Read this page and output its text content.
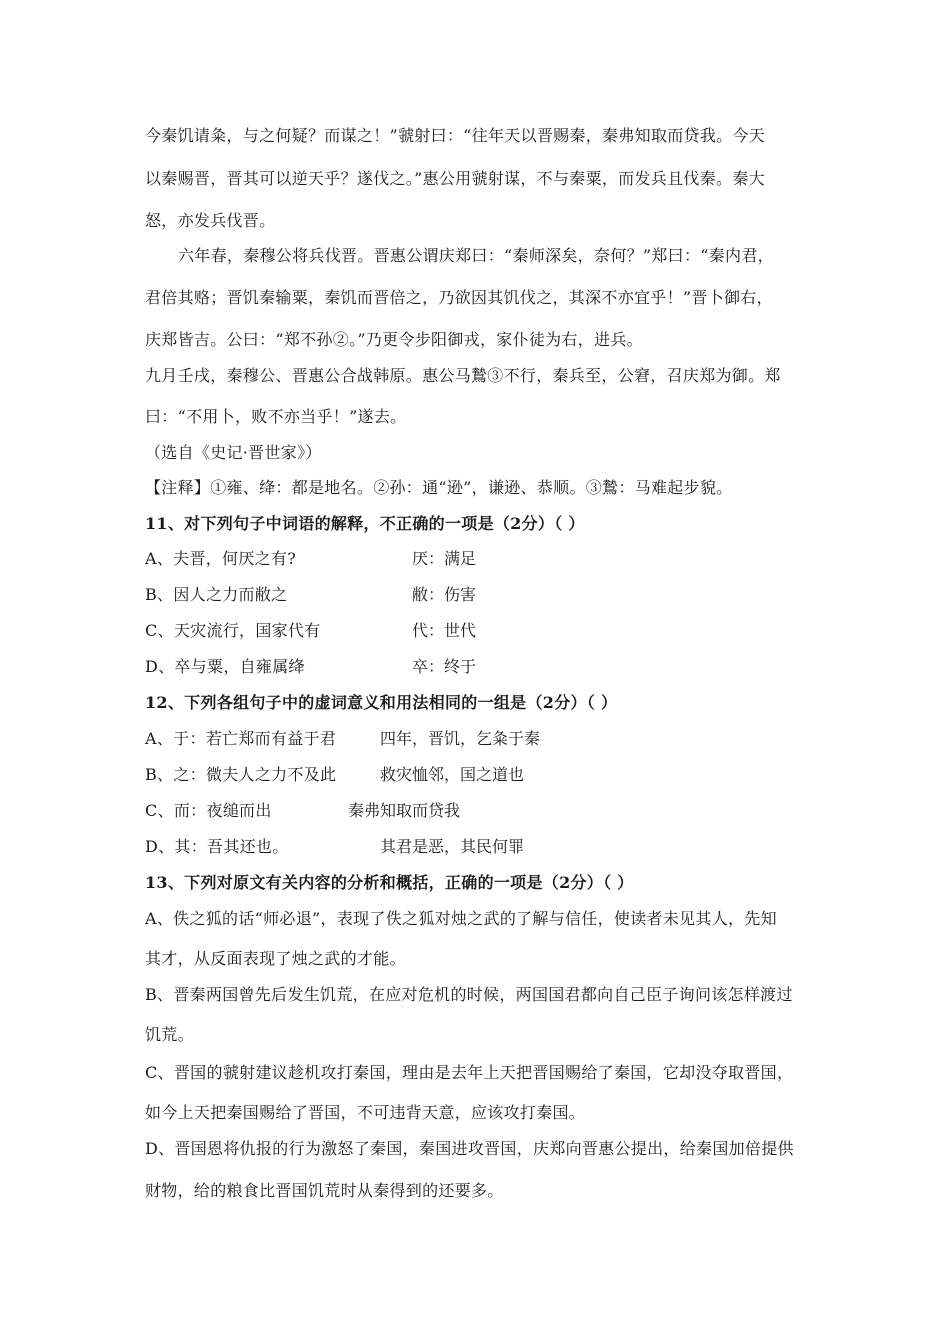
今秦饥请粂，与之何疑？而谋之！”虢射曰：“往年天以晋赐秦，秦弗知取而贷我。今天
以秦赐晋，晋其可以逆天乎？遂伐之。”惠公用虢射谋，不与秦粟，而发兵且伐秦。秦大
怒，亦发兵伐晋。
六年春，秦穆公将兵伐晋。晋惠公谓庆郑曰：“秦师深矣，奈何？”郑曰：“秦内君，
君倍其赂；晋饥秦输粟，秦饥而晋倍之，乃欲因其饥伐之，其深不亦宜乎！”晋卜御右，
庆郑皆吉。公曰：“郑不孙②。”乃更令步阳御戎，家仆徒为右，进兵。
九月壬戌，秦穆公、晋惠公合战韩原。惠公马鷙③不行，秦兵至，公窘，召庆郑为御。郑
曰：“不用卜，败不亦当乎！”遂去。
（选自《史记·晋世家》）
【注释】①雍、绛：都是地名。②孙：通“逊”，谦逊、恭顺。③鷙：马难起步貌。
11、对下列句子中词语的解释，不正确的一项是（2分）（ ）
A、夫晋，何厌之有?	厌：满足
B、因人之力而敝之	敝：伤害
C、天灾流行，国家代有	代：世代
D、卒与粟，自雍属绛	卒：终于
12、下列各组句子中的虚词意义和用法相同的一组是（2分）（ ）
A、于：若亡郑而有益于君	四年，晋饥，乞粂于秦
B、之：微夫人之力不及此	救灾恤邻，国之道也
C、而：夜缒而出	秦弗知取而贷我
D、其：吾其还也。	其君是恶，其民何罪
13、下列对原文有关内容的分析和概括，正确的一项是（2分）（ ）
A、佚之狐的话“师必退”，表现了佚之狐对烛之武的了解与信任，使读者未见其人，先知
其才，从反面表现了烛之武的才能。
B、晋秦两国曾先后发生饥荒，在应对危机的时候，两国国君都向自己臣子询问该怎样渡过
饥荒。
C、晋国的虢射建议趁机攻打秦国，理由是去年上天把晋国赐给了秦国，它却没夺取晋国，
如今上天把秦国赐给了晋国，不可违背天意，应该攻打秦国。
D、晋国恩将仇报的行为激怒了秦国，秦国进攻晋国，庆郑向晋惠公提出，给秦国加倍提供
财物，给的粮食比晋国饥荒时从秦得到的还要多。
